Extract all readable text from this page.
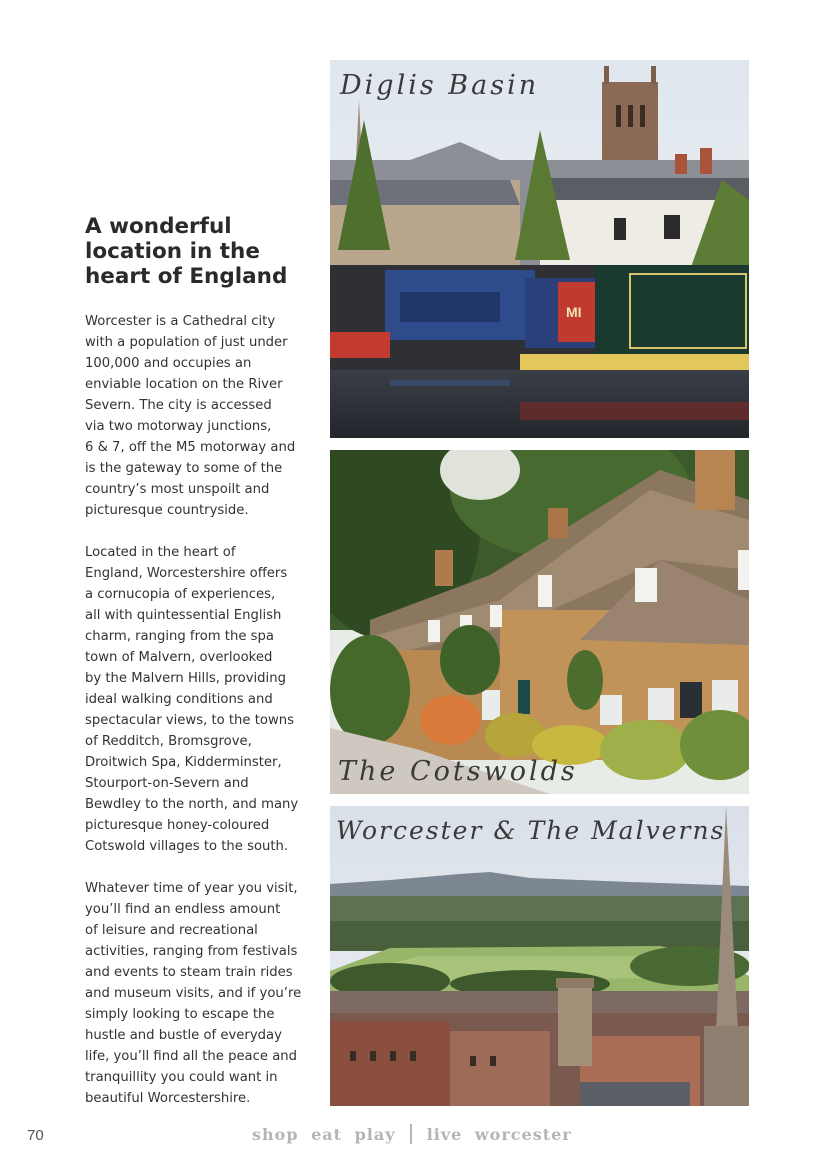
A wonderful
location in the
heart of England

Worcester is a Cathedral city
with a population of just under
100,000 and occupies an
enviable location on the River
Severn. The city is accessed
via two motorway junctions,
6 & 7, off the M5 motorway and
is the gateway to some of the
country’s most unspoilt and
picturesque countryside.

Located in the heart of
England, Worcestershire offers
a cornucopia of experiences,
all with quintessential English
charm, ranging from the spa
town of Malvern, overlooked
by the Malvern Hills, providing
ideal walking conditions and
spectacular views, to the towns
of Redditch, Bromsgrove,
Droitwich Spa, Kidderminster,
Stourport-on-Severn and
Bewdley to the north, and many
picturesque honey-coloured
Cotswold villages to the south.

Whatever time of year you visit,
you’ll find an endless amount
of leisure and recreational
activities, ranging from festivals
and events to steam train rides
and museum visits, and if you’re
simply looking to escape the
hustle and bustle of everyday
life, you’ll find all the peace and
tranquillity you could want in
beautiful Worcestershire.

MI
Diglis Basin
The Cotswolds
Worcester & The Malverns
70	shop eat play live worcester
